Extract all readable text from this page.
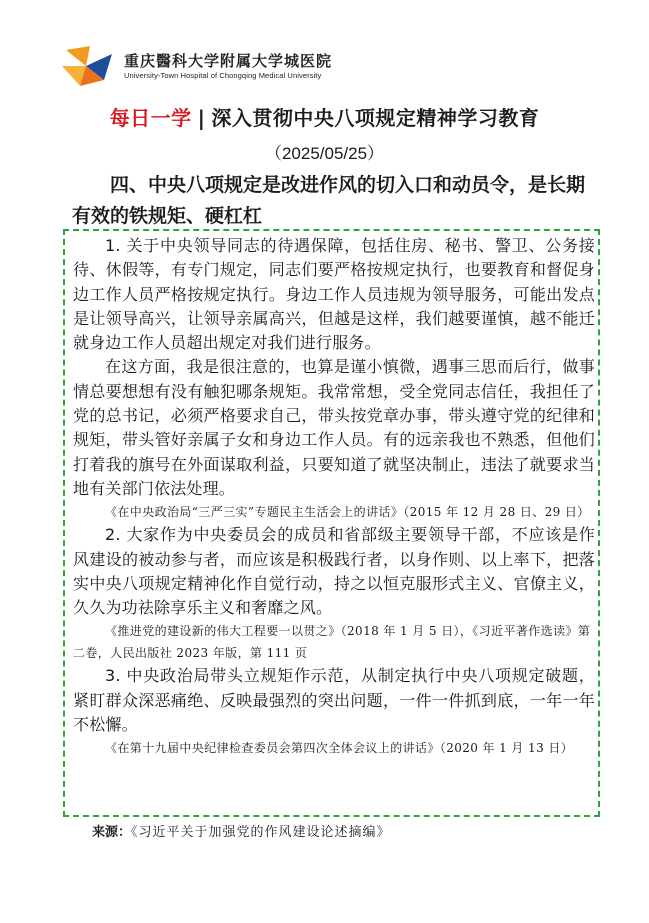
重庆醫科大学附属大学城医院
University-Town Hospital of Chongqing Medical University
每日一学 | 深入贯彻中央八项规定精神学习教育
（2025/05/25）
四、中央八项规定是改进作风的切入口和动员令，是长期有效的铁规矩、硬杠杠

1. 关于中央领导同志的待遇保障，包括住房、秘书、警卫、公务接待、休假等，有专门规定，同志们要严格按规定执行，也要教育和督促身边工作人员严格按规定执行。身边工作人员违规为领导服务，可能出发点是让领导高兴，让领导亲属高兴，但越是这样，我们越要谨慎，越不能迁就身边工作人员超出规定对我们进行服务。

在这方面，我是很注意的，也算是谨小慎微，遇事三思而后行，做事情总要想想有没有触犯哪条规矩。我常常想，受全党同志信任，我担任了党的总书记，必须严格要求自己，带头按党章办事，带头遵守党的纪律和规矩，带头管好亲属子女和身边工作人员。有的远亲我也不熟悉，但他们打着我的旗号在外面谋取利益，只要知道了就坚决制止，违法了就要求当地有关部门依法处理。

《在中央政治局“三严三实”专题民主生活会上的讲话》（2015 年 12 月 28 日、29 日）

2. 大家作为中央委员会的成员和省部级主要领导干部，不应该是作风建设的被动参与者，而应该是积极践行者，以身作则、以上率下，把落实中央八项规定精神化作自觉行动，持之以恒克服形式主义、官僚主义，久久为功祛除享乐主义和奢靡之风。

《推进党的建设新的伟大工程要一以贯之》（2018 年 1 月 5 日），《习近平著作选读》第二卷，人民出版社 2023 年版，第 111 页

3. 中央政治局带头立规矩作示范，从制定执行中央八项规定破题，紧盯群众深恶痛绝、反映最强烈的突出问题，一件一件抓到底，一年一年不松懈。

《在第十九届中央纪律检查委员会第四次全体会议上的讲话》（2020 年 1 月 13 日）

来源：《习近平关于加强党的作风建设论述摘编》
